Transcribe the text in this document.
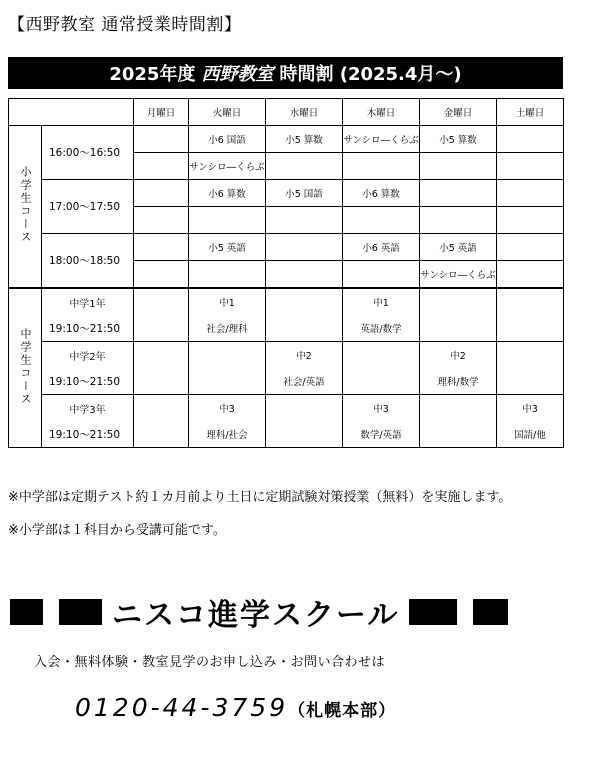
【西野教室 通常授業時間割】
2025年度 西野教室 時間割 (2025.4月～)
		月曜日	火曜日	水曜日	木曜日	金曜日	土曜日
小学生コース	16:00～16:50		小6 国語	小5 算数	サンシロ―くらぶ	小5 算数	
			サンシロ―くらぶ				
	17:00～17:50		小6 算数	小5 国語	小6 算数		

	18:00～18:50		小5 英語		小6 英語	小5 英語	
						サンシロ―くらぶ	
中学生コース	中学1年		中1		中1		
	19:10～21:50		社会/理科		英語/数学		
	中学2年			中2		中2	
	19:10～21:50			社会/英語		理科/数学	
	中学3年		中3		中3		中3
	19:10～21:50		理科/社会		数学/英語		国語/他
※中学部は定期テスト約１カ月前より土日に定期試験対策授業（無料）を実施します。
※小学部は１科目から受講可能です。
ニスコ進学スクール
入会・無料体験・教室見学のお申し込み・お問い合わせは
0120-44-3759（札幌本部）
